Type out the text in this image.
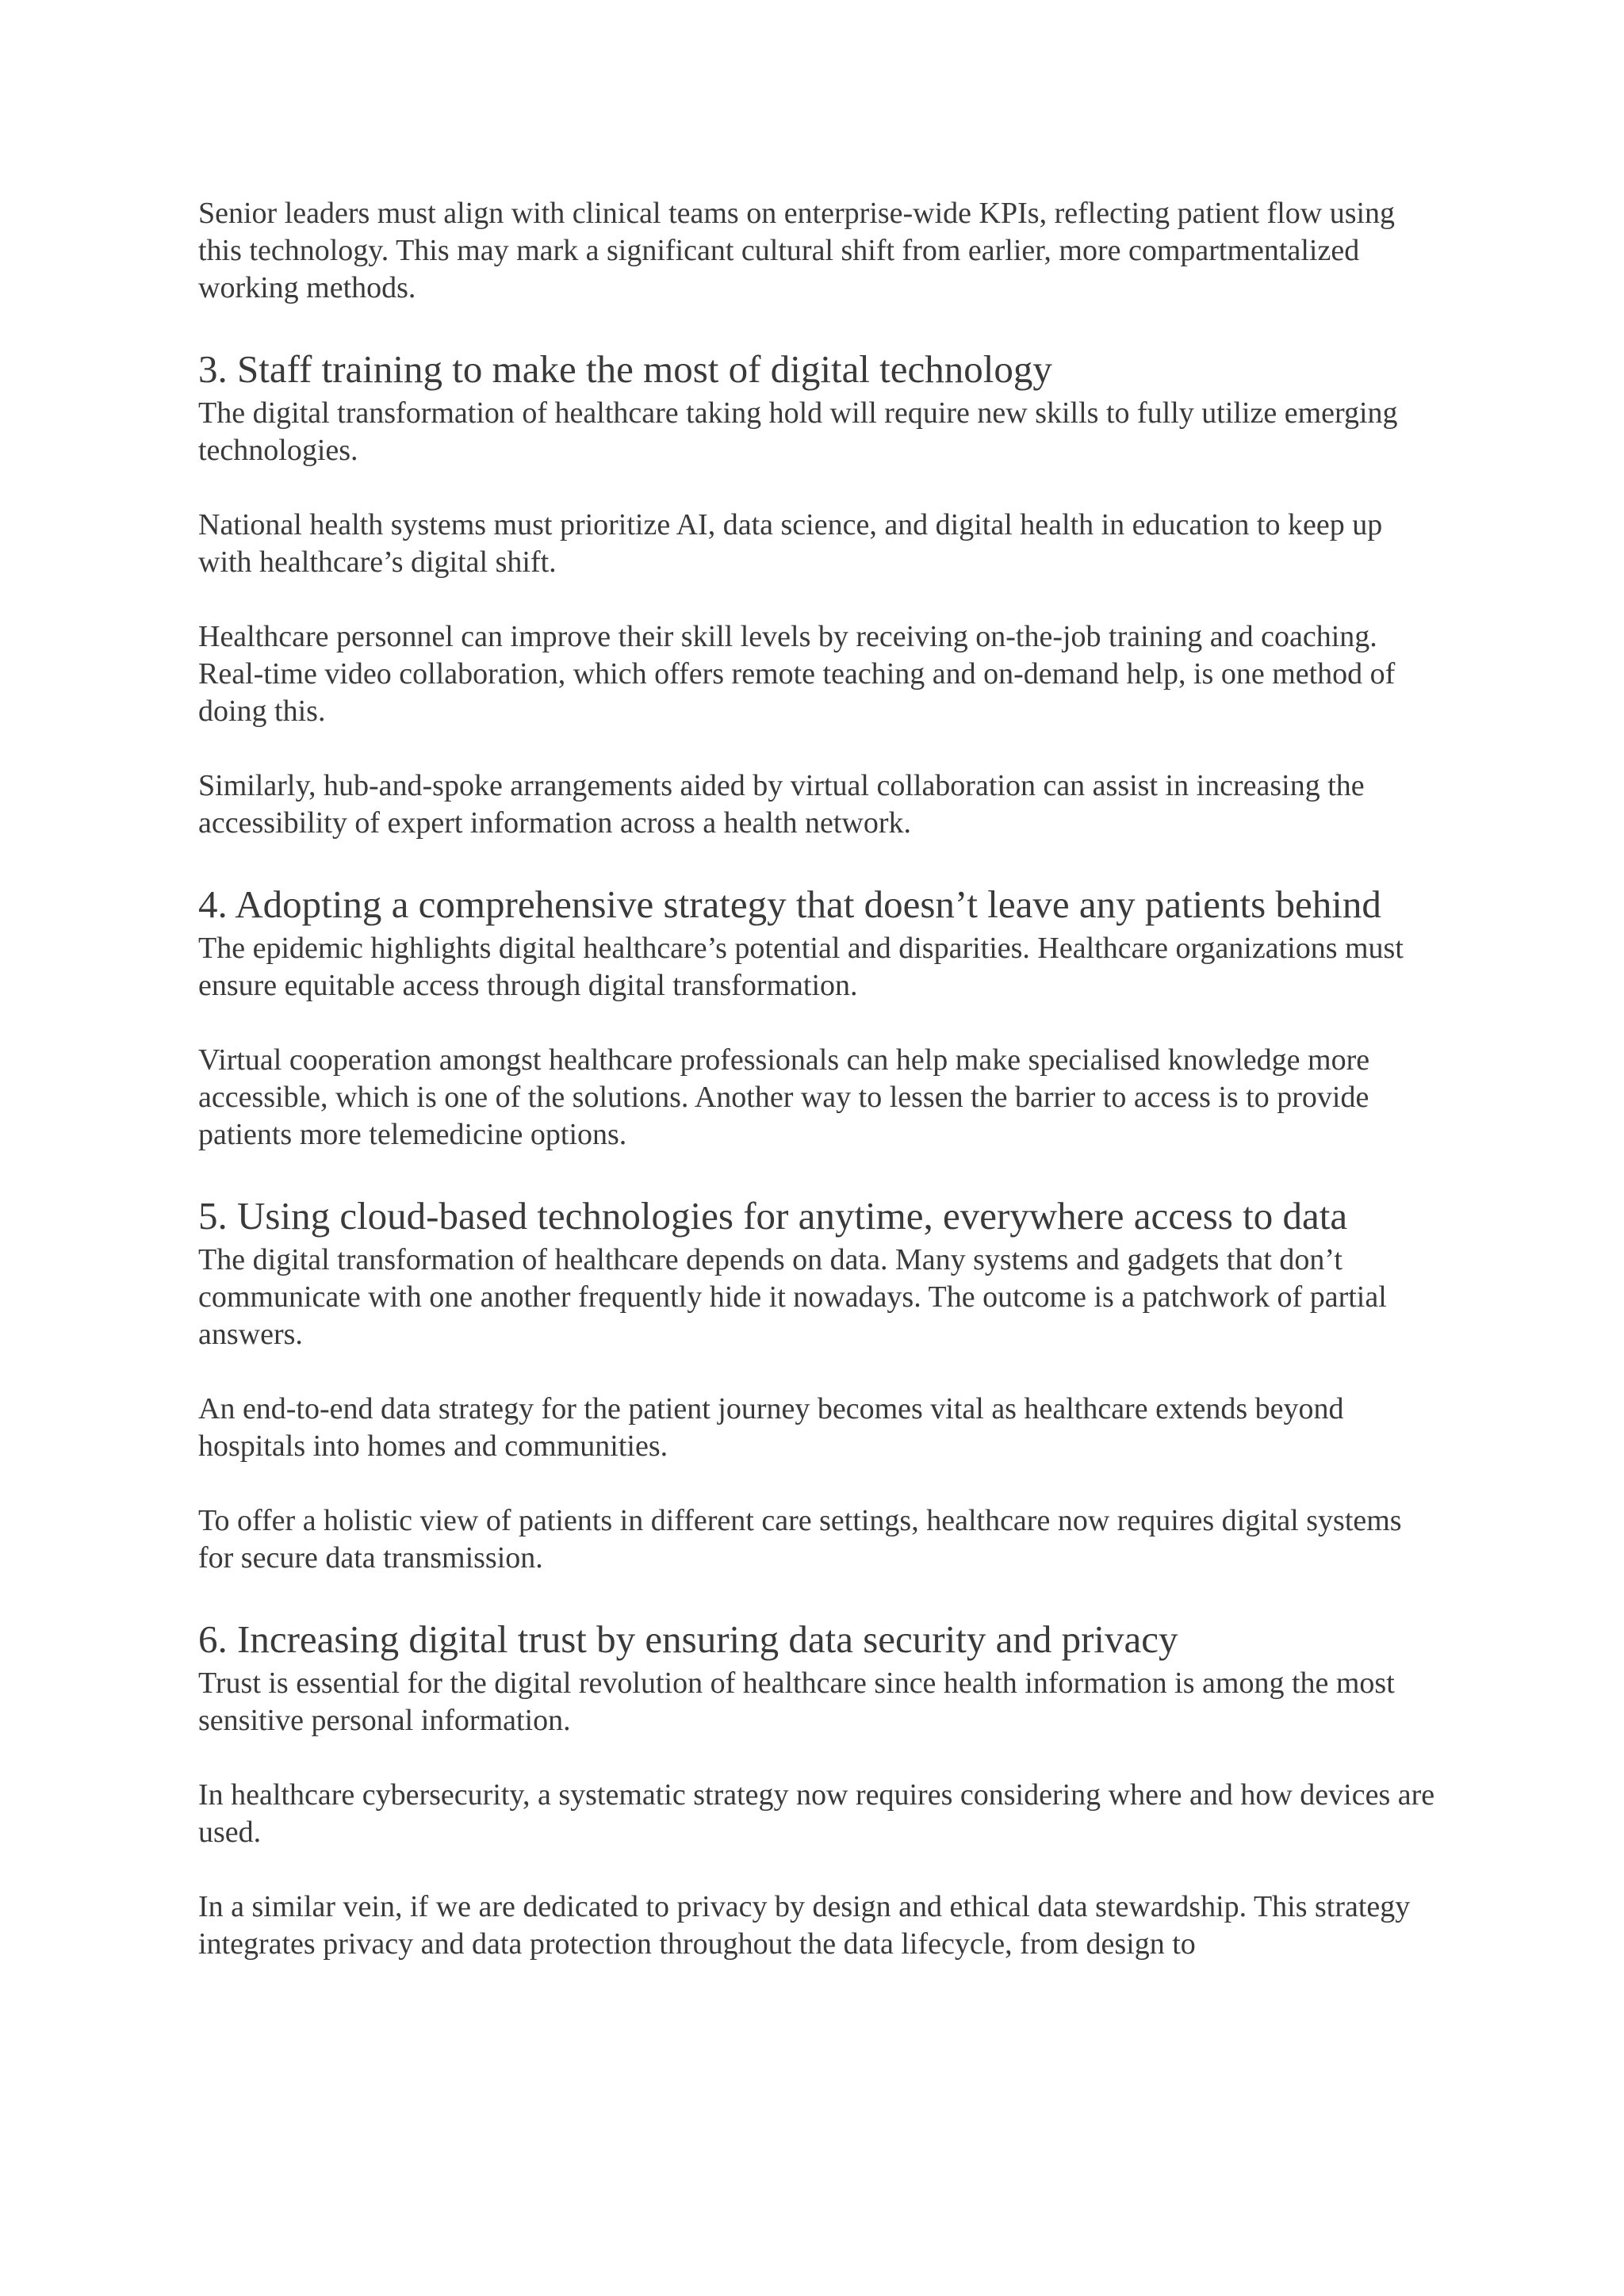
Senior leaders must align with clinical teams on enterprise-wide KPIs, reflecting patient flow using this technology. This may mark a significant cultural shift from earlier, more compartmentalized working methods.

3. Staff training to make the most of digital technology

The digital transformation of healthcare taking hold will require new skills to fully utilize emerging technologies.

National health systems must prioritize AI, data science, and digital health in education to keep up with healthcare’s digital shift.

Healthcare personnel can improve their skill levels by receiving on-the-job training and coaching. Real-time video collaboration, which offers remote teaching and on-demand help, is one method of doing this.

Similarly, hub-and-spoke arrangements aided by virtual collaboration can assist in increasing the accessibility of expert information across a health network.

4. Adopting a comprehensive strategy that doesn’t leave any patients behind

The epidemic highlights digital healthcare’s potential and disparities. Healthcare organizations must ensure equitable access through digital transformation.

Virtual cooperation amongst healthcare professionals can help make specialised knowledge more accessible, which is one of the solutions. Another way to lessen the barrier to access is to provide patients more telemedicine options.

5. Using cloud-based technologies for anytime, everywhere access to data

The digital transformation of healthcare depends on data. Many systems and gadgets that don’t communicate with one another frequently hide it nowadays. The outcome is a patchwork of partial answers.

An end-to-end data strategy for the patient journey becomes vital as healthcare extends beyond hospitals into homes and communities.

To offer a holistic view of patients in different care settings, healthcare now requires digital systems for secure data transmission.

6. Increasing digital trust by ensuring data security and privacy

Trust is essential for the digital revolution of healthcare since health information is among the most sensitive personal information.

In healthcare cybersecurity, a systematic strategy now requires considering where and how devices are used.

In a similar vein, if we are dedicated to privacy by design and ethical data stewardship. This strategy integrates privacy and data protection throughout the data lifecycle, from design to
